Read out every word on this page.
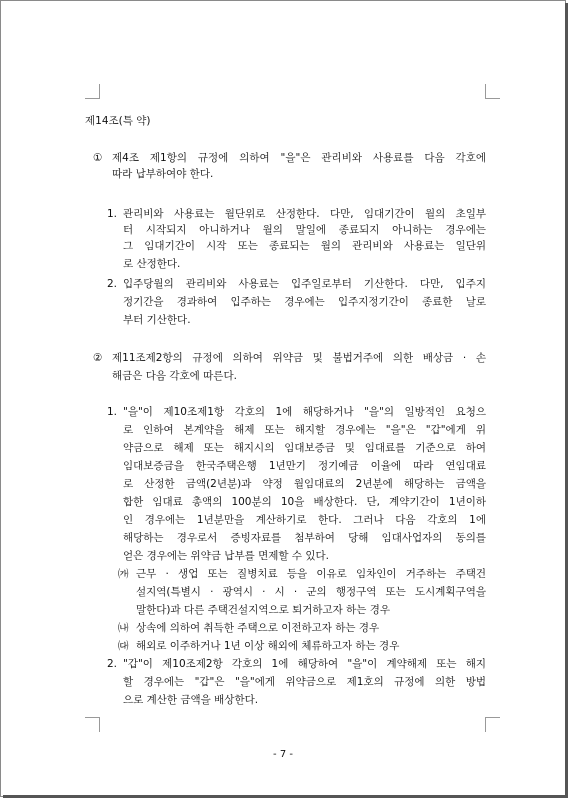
제14조(특 약)
① 제4조 제1항의 규정에 의하여 "을"은 관리비와 사용료를 다음 각호에
따라 납부하여야 한다.
1. 관리비와 사용료는 월단위로 산정한다. 다만, 임대기간이 월의 초일부
터 시작되지 아니하거나 월의 말일에 종료되지 아니하는 경우에는
그 임대기간이 시작 또는 종료되는 월의 관리비와 사용료는 일단위
로 산정한다.
2. 입주당월의 관리비와 사용료는 입주일로부터 기산한다. 다만, 입주지
정기간을 경과하여 입주하는 경우에는 입주지정기간이 종료한 날로
부터 기산한다.
② 제11조제2항의 규정에 의하여 위약금 및 불법거주에 의한 배상금 · 손
해금은 다음 각호에 따른다.
1. "을"이 제10조제1항 각호의 1에 해당하거나 "을"의 일방적인 요청으
로 인하여 본계약을 해제 또는 해지할 경우에는 "을"은 "갑"에게 위
약금으로 해제 또는 해지시의 임대보증금 및 임대료를 기준으로 하여
임대보증금을 한국주택은행 1년만기 정기예금 이율에 따라 연임대료
로 산정한 금액(2년분)과 약정 월임대료의 2년분에 해당하는 금액을
합한 임대료 총액의 100분의 10을 배상한다. 단, 계약기간이 1년이하
인 경우에는 1년분만을 계산하기로 한다. 그러나 다음 각호의 1에
해당하는 경우로서 증빙자료를 첨부하여 당해 임대사업자의 동의를
얻은 경우에는 위약금 납부를 면제할 수 있다.
㈎ 근무 · 생업 또는 질병치료 등을 이유로 임차인이 거주하는 주택건
설지역(특별시 · 광역시 · 시 · 군의 행정구역 또는 도시계획구역을
말한다)과 다른 주택건설지역으로 퇴거하고자 하는 경우
㈏ 상속에 의하여 취득한 주택으로 이전하고자 하는 경우
㈐ 해외로 이주하거나 1년 이상 해외에 체류하고자 하는 경우
2. "갑"이 제10조제2항 각호의 1에 해당하여 "을"이 계약해제 또는 해지
할 경우에는 "갑"은 "을"에게 위약금으로 제1호의 규정에 의한 방법
으로 계산한 금액을 배상한다.
- 7 -
